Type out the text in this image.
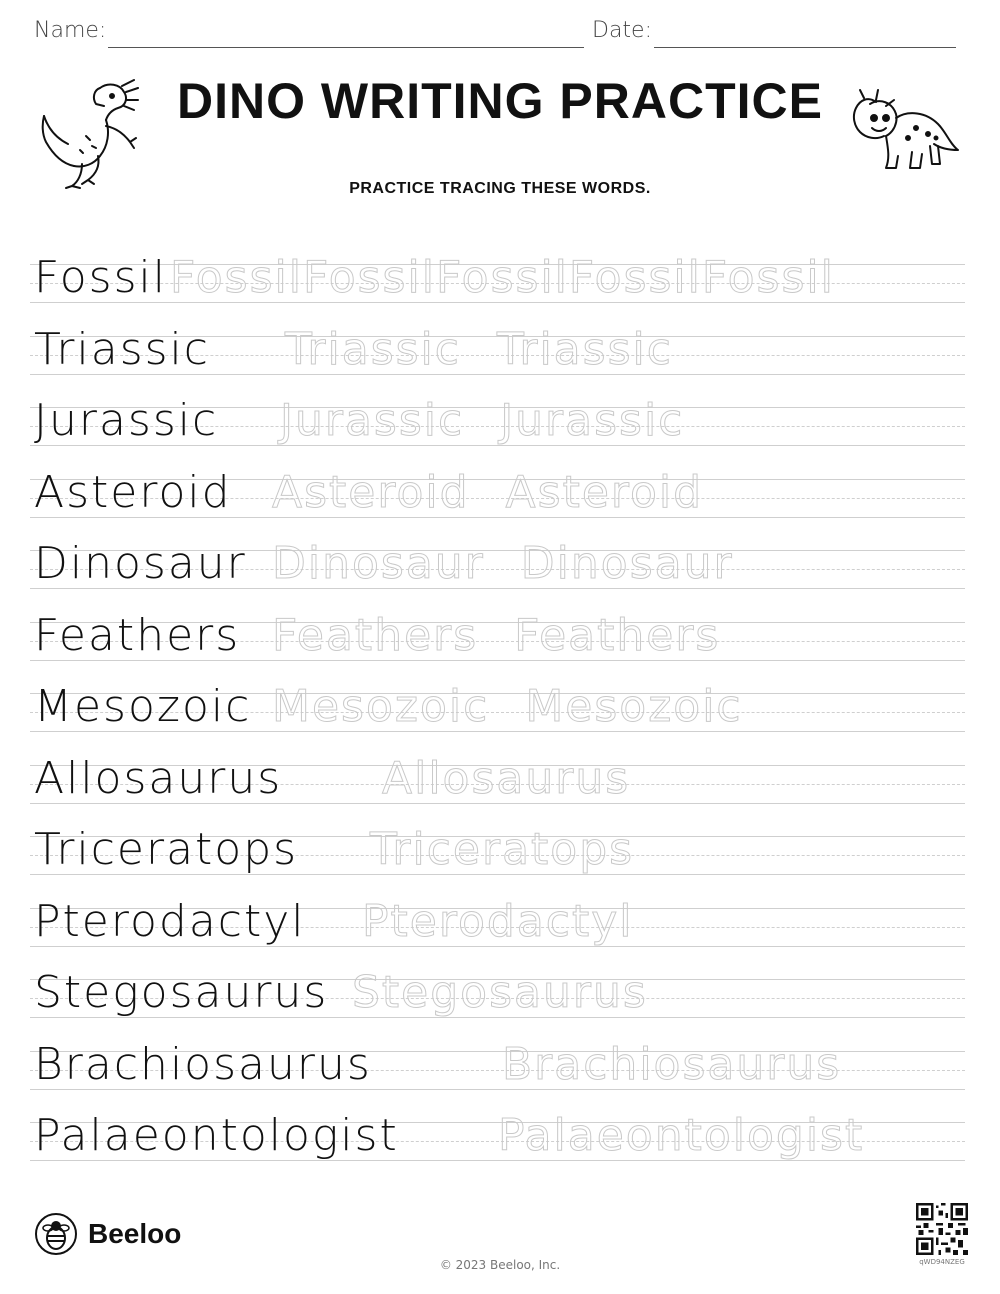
Name:	Date:
DINO WRITING PRACTICE
PRACTICE TRACING THESE WORDS.
Fossil Fossil Fossil Fossil Fossil Fossil
Triassic Triassic Triassic
Jurassic Jurassic Jurassic
Asteroid Asteroid Asteroid
Dinosaur Dinosaur Dinosaur
Feathers Feathers Feathers
Mesozoic Mesozoic Mesozoic
Allosaurus Allosaurus
Triceratops Triceratops
Pterodactyl Pterodactyl
Stegosaurus Stegosaurus
Brachiosaurus	Brachiosaurus
Palaeontologist Palaeontologist
Beeloo
© 2023 Beeloo, Inc.	qWD94NZEG
